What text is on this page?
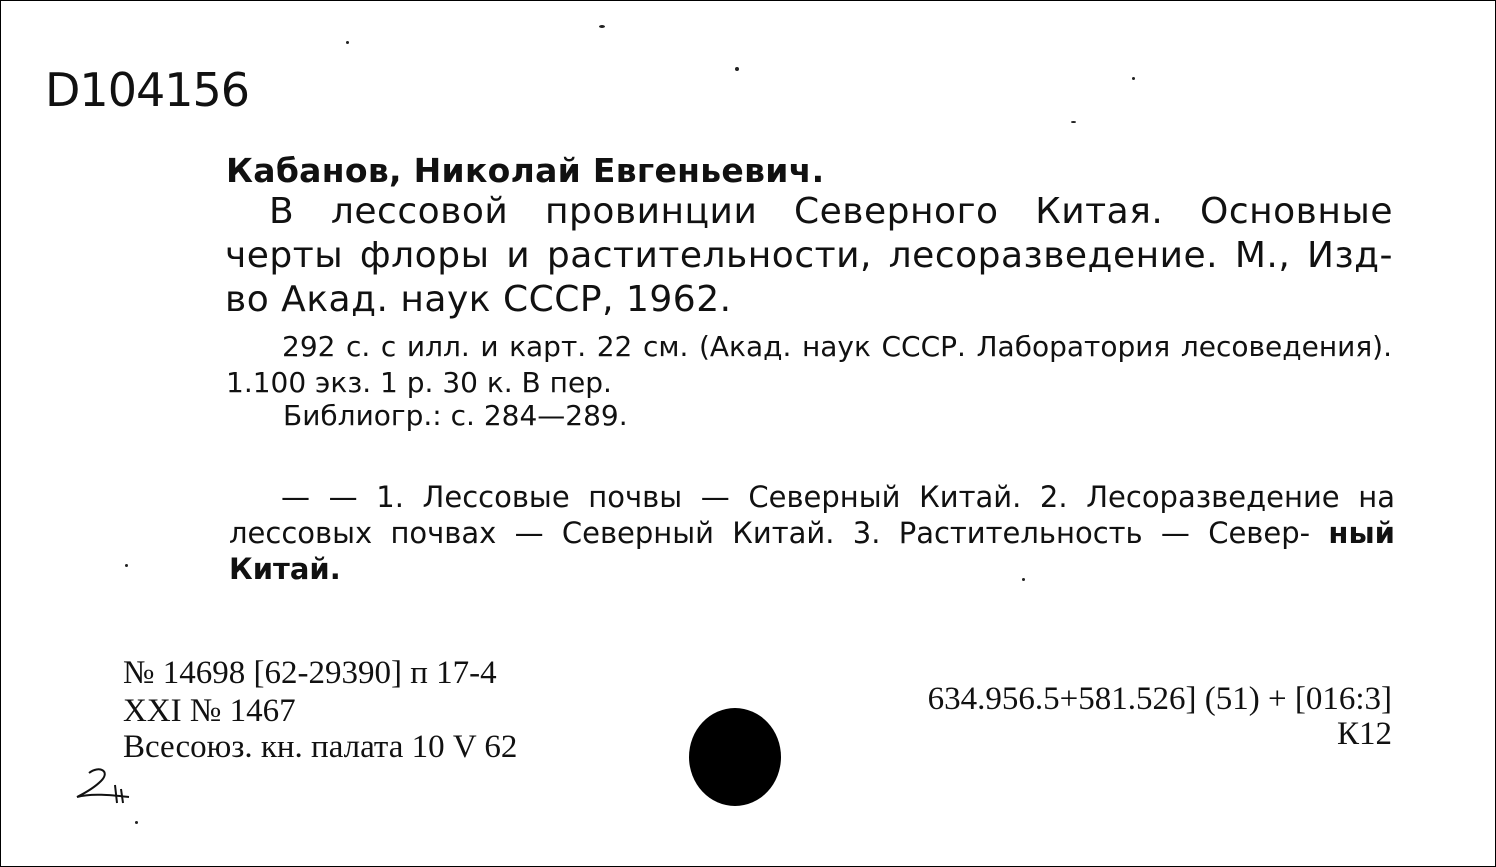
D104156
Кабанов, Николай Евгеньевич.
В лессовой провинции Северного Китая. Основные черты флоры и растительности, лесоразведение. М., Изд-во Акад. наук СССР, 1962.
292 с. с илл. и карт. 22 см. (Акад. наук СССР. Лаборатория лесоведения). 1.100 экз. 1 р. 30 к. В пер.
Библиогр.: с. 284—289.
— — 1. Лессовые почвы — Северный Китай. 2. Лесоразведение на лессовых почвах — Северный Китай. 3. Растительность — Север- ный Китай.
№ 14698 [62-29390] п 17-4
XXI № 1467
Всесоюз. кн. палата 10 V 62
634.956.5+581.526] (51) + [016:3]
К12
